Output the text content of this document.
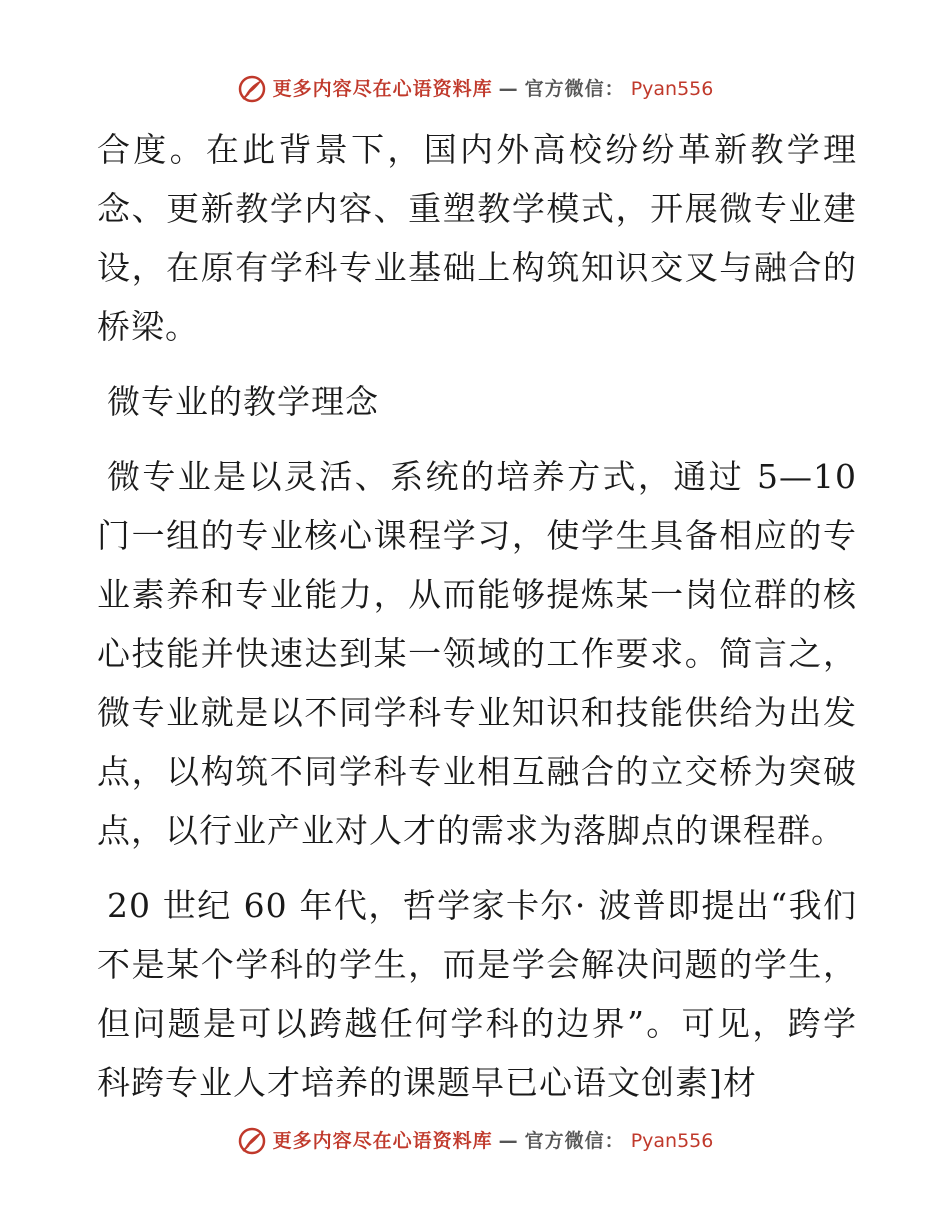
更多内容尽在心语资料库 — 官方微信： Pyan556

合度。在此背景下，国内外高校纷纷革新教学理念、更新教学内容、重塑教学模式，开展微专业建设，在原有学科专业基础上构筑知识交叉与融合的桥梁。

微专业的教学理念

微专业是以灵活、系统的培养方式，通过 5—10 门一组的专业核心课程学习，使学生具备相应的专业素养和专业能力，从而能够提炼某一岗位群的核心技能并快速达到某一领域的工作要求。简言之，微专业就是以不同学科专业知识和技能供给为出发点，以构筑不同学科专业相互融合的立交桥为突破点，以行业产业对人才的需求为落脚点的课程群。

20 世纪 60 年代，哲学家卡尔· 波普即提出“我们不是某个学科的学生，而是学会解决问题的学生，但问题是可以跨越任何学科的边界”。可见，跨学科跨专业人才培养的课题早已心语文创素]材

更多内容尽在心语资料库 — 官方微信： Pyan556
